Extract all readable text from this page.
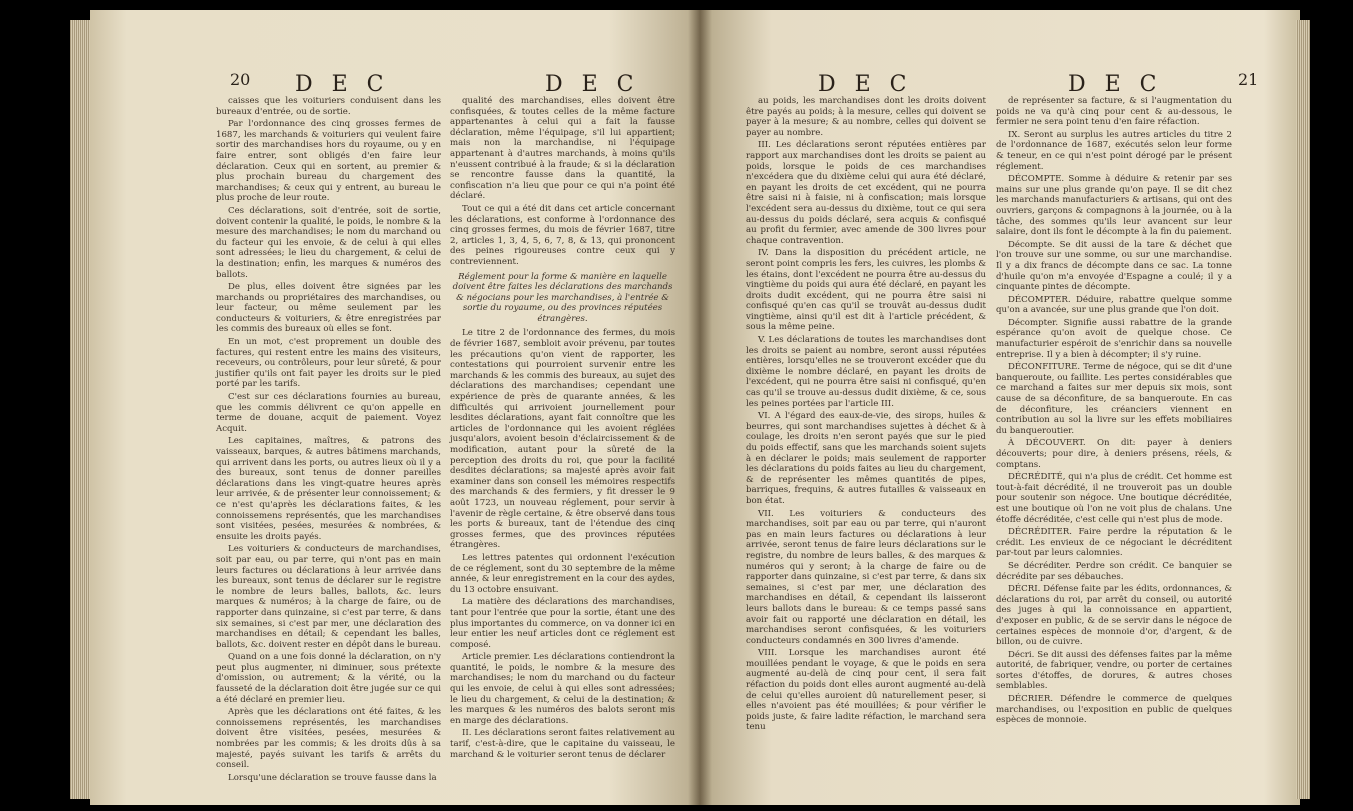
20 D E C	D E C

caisses que les voituriers conduisent dans les bureaux d'entrée, ou de sortie.

Par l'ordonnance des cinq grosses fermes de 1687, les marchands & voituriers qui veulent faire sortir des marchandises hors du royaume, ou y en faire entrer, sont obligés d'en faire leur déclaration. Ceux qui en sortent, au premier & plus prochain bureau du chargement des marchandises; & ceux qui y entrent, au bureau le plus proche de leur route.

Ces déclarations, soit d'entrée, soit de sortie, doivent contenir la qualité, le poids, le nombre & la mesure des marchandises; le nom du marchand ou du facteur qui les envoie, & de celui à qui elles sont adressées; le lieu du chargement, & celui de la destination; enfin, les marques & numéros des ballots.

De plus, elles doivent être signées par les marchands ou propriétaires des marchandises, ou leur facteur, ou même seulement par les conducteurs & voituriers, & être enregistrées par les commis des bureaux où elles se font.

En un mot, c'est proprement un double des factures, qui restent entre les mains des visiteurs, receveurs, ou contrôleurs, pour leur sûreté, & pour justifier qu'ils ont fait payer les droits sur le pied porté par les tarifs.

C'est sur ces déclarations fournies au bureau, que les commis délivrent ce qu'on appelle en terme de douane, acquit de paiement. Voyez Acquit.

Les capitaines, maîtres, & patrons des vaisseaux, barques, & autres bâtimens marchands, qui arrivent dans les ports, ou autres lieux où il y a des bureaux, sont tenus de donner pareilles déclarations dans les vingt-quatre heures après leur arrivée, & de présenter leur connoissement; & ce n'est qu'après les déclarations faites, & les connoissemens représentés, que les marchandises sont visitées, pesées, mesurées & nombrées, & ensuite les droits payés.

Les voituriers & conducteurs de marchandises, soit par eau, ou par terre, qui n'ont pas en main leurs factures ou déclarations à leur arrivée dans les bureaux, sont tenus de déclarer sur le registre le nombre de leurs balles, ballots, &c. leurs marques & numéros; à la charge de faire, ou de rapporter dans quinzaine, si c'est par terre, & dans six semaines, si c'est par mer, une déclaration des marchandises en détail; & cependant les balles, ballots, &c. doivent rester en dépôt dans le bureau.

Quand on a une fois donné la déclaration, on n'y peut plus augmenter, ni diminuer, sous prétexte d'omission, ou autrement; & la vérité, ou la fausseté de la déclaration doit être jugée sur ce qui a été déclaré en premier lieu.

Après que les déclarations ont été faites, & les connoissemens représentés, les marchandises doivent être visitées, pesées, mesurées & nombrées par les commis; & les droits dûs à sa majesté, payés suivant les tarifs & arrêts du conseil.

Lorsqu'une déclaration se trouve fausse dans la

qualité des marchandises, elles doivent être confisquées, & toutes celles de la même facture appartenantes à celui qui a fait la fausse déclaration, même l'équipage, s'il lui appartient; mais non la marchandise, ni l'équipage appartenant à d'autres marchands, à moins qu'ils n'eussent contribué à la fraude; & si la déclaration se rencontre fausse dans la quantité, la confiscation n'a lieu que pour ce qui n'a point été déclaré.

Tout ce qui a été dit dans cet article concernant les déclarations, est conforme à l'ordonnance des cinq grosses fermes, du mois de février 1687, titre 2, articles 1, 3, 4, 5, 6, 7, 8, & 13, qui prononcent des peines rigoureuses contre ceux qui y contreviennent.

Réglement pour la forme & manière en laquelle doivent être faites les déclarations des marchands & négocians pour les marchandises, à l'entrée & sortie du royaume, ou des provinces réputées étrangères.

Le titre 2 de l'ordonnance des fermes, du mois de février 1687, sembloit avoir prévenu, par toutes les précautions qu'on vient de rapporter, les contestations qui pourroient survenir entre les marchands & les commis des bureaux, au sujet des déclarations des marchandises; cependant une expérience de près de quarante années, & les difficultés qui arrivoient journellement pour lesdites déclarations, ayant fait connoître que les articles de l'ordonnance qui les avoient réglées jusqu'alors, avoient besoin d'éclaircissement & de modification, autant pour la sûreté de la perception des droits du roi, que pour la facilité desdites déclarations; sa majesté après avoir fait examiner dans son conseil les mémoires respectifs des marchands & des fermiers, y fit dresser le 9 août 1723, un nouveau réglement, pour servir à l'avenir de règle certaine, & être observé dans tous les ports & bureaux, tant de l'étendue des cinq grosses fermes, que des provinces réputées étrangères.

Les lettres patentes qui ordonnent l'exécution de ce réglement, sont du 30 septembre de la même année, & leur enregistrement en la cour des aydes, du 13 octobre ensuivant.

La matière des déclarations des marchandises, tant pour l'entrée que pour la sortie, étant une des plus importantes du commerce, on va donner ici en leur entier les neuf articles dont ce réglement est composé.

Article premier. Les déclarations contiendront la quantité, le poids, le nombre & la mesure des marchandises; le nom du marchand ou du facteur qui les envoie, de celui à qui elles sont adressées; le lieu du chargement, & celui de la destination; & les marques & les numéros des balots seront mis en marge des déclarations.

II. Les déclarations seront faites relativement au tarif, c'est-à-dire, que le capitaine du vaisseau, le marchand & le voiturier seront tenus de déclarer

D E C	D E C	21

au poids, les marchandises dont les droits doivent être payés au poids; à la mesure, celles qui doivent se payer à la mesure; & au nombre, celles qui doivent se payer au nombre.

III. Les déclarations seront réputées entières par rapport aux marchandises dont les droits se paient au poids, lorsque le poids de ces marchandises n'excédera que du dixième celui qui aura été déclaré, en payant les droits de cet excédent, qui ne pourra être saisi ni à faisie, ni à confiscation; mais lorsque l'excédent sera au-dessus du dixième, tout ce qui sera au-dessus du poids déclaré, sera acquis & confisqué au profit du fermier, avec amende de 300 livres pour chaque contravention.

IV. Dans la disposition du précédent article, ne seront point compris les fers, les cuivres, les plombs & les étains, dont l'excédent ne pourra être au-dessus du vingtième du poids qui aura été déclaré, en payant les droits dudit excédent, qui ne pourra être saisi ni confisqué qu'en cas qu'il se trouvât au-dessus dudit vingtième, ainsi qu'il est dit à l'article précédent, & sous la même peine.

V. Les déclarations de toutes les marchandises dont les droits se paient au nombre, seront aussi réputées entières, lorsqu'elles ne se trouveront excéder que du dixième le nombre déclaré, en payant les droits de l'excédent, qui ne pourra être saisi ni confisqué, qu'en cas qu'il se trouve au-dessus dudit dixième, & ce, sous les peines portées par l'article III.

VI. A l'égard des eaux-de-vie, des sirops, huiles & beurres, qui sont marchandises sujettes à déchet & à coulage, les droits n'en seront payés que sur le pied du poids effectif, sans que les marchands soient sujets à en déclarer le poids; mais seulement de rapporter les déclarations du poids faites au lieu du chargement, & de représenter les mêmes quantités de pipes, barriques, frequins, & autres futailles & vaisseaux en bon état.

VII. Les voituriers & conducteurs des marchandises, soit par eau ou par terre, qui n'auront pas en main leurs factures ou déclarations à leur arrivée, seront tenus de faire leurs déclarations sur le registre, du nombre de leurs balles, & des marques & numéros qui y seront; à la charge de faire ou de rapporter dans quinzaine, si c'est par terre, & dans six semaines, si c'est par mer, une déclaration des marchandises en détail, & cependant ils laisseront leurs ballots dans le bureau: & ce temps passé sans avoir fait ou rapporté une déclaration en détail, les marchandises seront confisquées, & les voituriers conducteurs condamnés en 300 livres d'amende.

VIII. Lorsque les marchandises auront été mouillées pendant le voyage, & que le poids en sera augmenté au-delà de cinq pour cent, il sera fait réfaction du poids dont elles auront augmenté au-delà de celui qu'elles auroient dû naturellement peser, si elles n'avoient pas été mouillées; & pour vérifier le poids juste, & faire ladite réfaction, le marchand sera tenu

de représenter sa facture, & si l'augmentation du poids ne va qu'à cinq pour cent & au-dessous, le fermier ne sera point tenu d'en faire réfaction.

IX. Seront au surplus les autres articles du titre 2 de l'ordonnance de 1687, exécutés selon leur forme & teneur, en ce qui n'est point dérogé par le présent réglement.

DÉCOMPTE. Somme à déduire & retenir par ses mains sur une plus grande qu'on paye. Il se dit chez les marchands manufacturiers & artisans, qui ont des ouvriers, garçons & compagnons à la journée, ou à la tâche, des sommes qu'ils leur avancent sur leur salaire, dont ils font le décompte à la fin du paiement.

Décompte. Se dit aussi de la tare & déchet que l'on trouve sur une somme, ou sur une marchandise. Il y a dix francs de décompte dans ce sac. La tonne d'huile qu'on m'a envoyée d'Espagne a coulé; il y a cinquante pintes de décompte.

DÉCOMPTER. Déduire, rabattre quelque somme qu'on a avancée, sur une plus grande que l'on doit.

Décompter. Signifie aussi rabattre de la grande espérance qu'on avoit de quelque chose. Ce manufacturier espéroit de s'enrichir dans sa nouvelle entreprise. Il y a bien à décompter; il s'y ruine.

DÉCONFITURE. Terme de négoce, qui se dit d'une banqueroute, ou faillite. Les pertes considérables que ce marchand a faites sur mer depuis six mois, sont cause de sa déconfiture, de sa banqueroute. En cas de déconfiture, les créanciers viennent en contribution au sol la livre sur les effets mobiliaires du banqueroutier.

À DÉCOUVERT. On dit: payer à deniers découverts; pour dire, à deniers présens, réels, & comptans.

DÉCRÉDITÉ, qui n'a plus de crédit. Cet homme est tout-à-fait décrédité, il ne trouveroit pas un double pour soutenir son négoce. Une boutique décréditée, est une boutique où l'on ne voit plus de chalans. Une étoffe décréditée, c'est celle qui n'est plus de mode.

DÉCRÉDITER. Faire perdre la réputation & le crédit. Les envieux de ce négociant le décréditent par-tout par leurs calomnies.

Se décréditer. Perdre son crédit. Ce banquier se décrédite par ses débauches.

DÉCRI. Défense faite par les édits, ordonnances, & déclarations du roi, par arrêt du conseil, ou autorité des juges à qui la connoissance en appartient, d'exposer en public, & de se servir dans le négoce de certaines espèces de monnoie d'or, d'argent, & de billon, ou de cuivre.

Décri. Se dit aussi des défenses faites par la même autorité, de fabriquer, vendre, ou porter de certaines sortes d'étoffes, de dorures, & autres choses semblables.

DÉCRIER. Défendre le commerce de quelques marchandises, ou l'exposition en public de quelques espèces de monnoie.
